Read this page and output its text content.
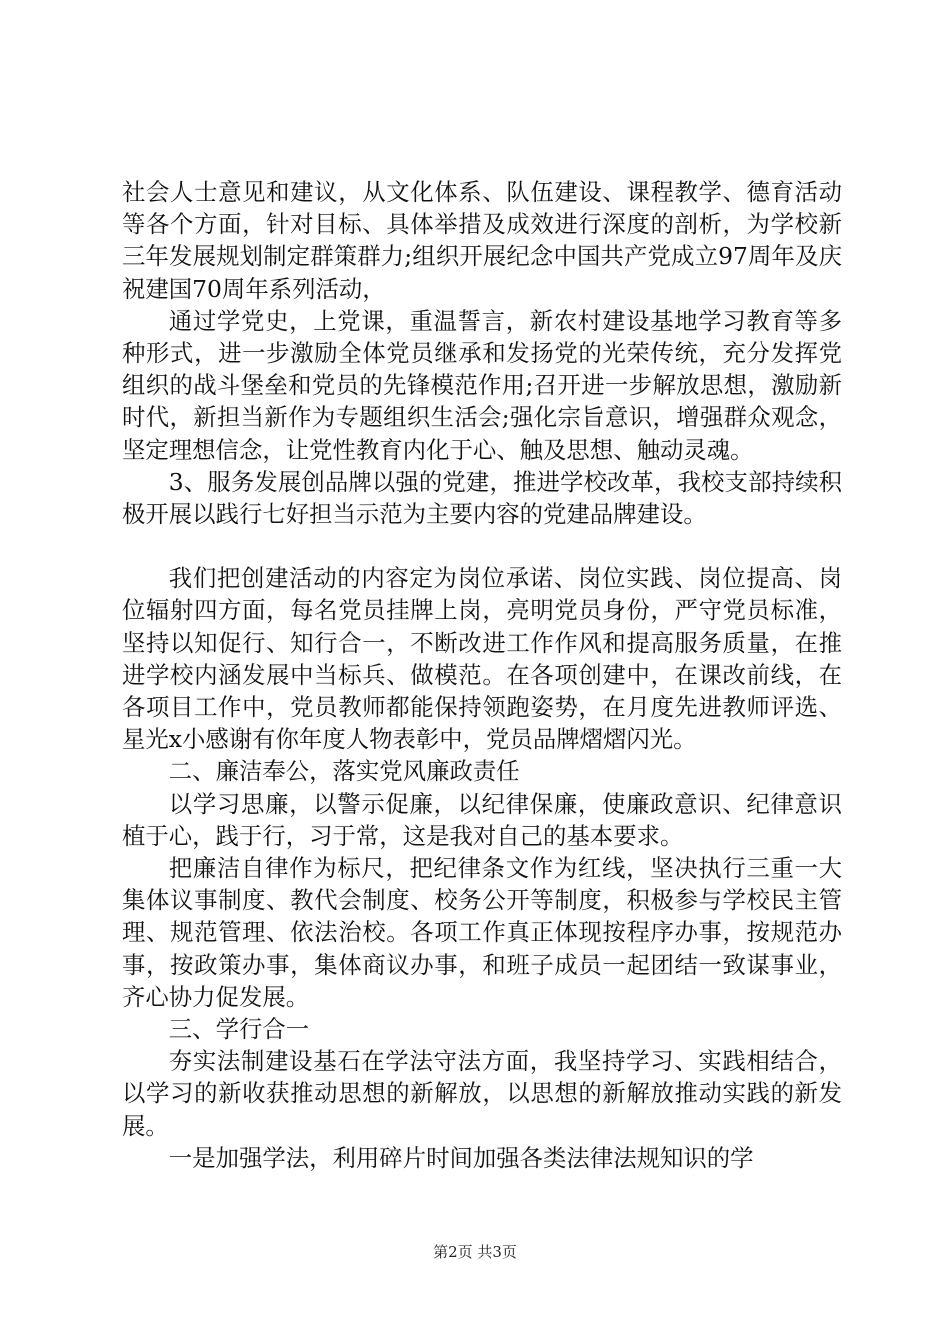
社会人士意见和建议，从文化体系、队伍建设、课程教学、德育活动等各个方面，针对目标、具体举措及成效进行深度的剖析，为学校新三年发展规划制定群策群力;组织开展纪念中国共产党成立97周年及庆祝建国70周年系列活动，

通过学党史，上党课，重温誓言，新农村建设基地学习教育等多种形式，进一步激励全体党员继承和发扬党的光荣传统，充分发挥党组织的战斗堡垒和党员的先锋模范作用;召开进一步解放思想，激励新时代，新担当新作为专题组织生活会;强化宗旨意识，增强群众观念，坚定理想信念，让党性教育内化于心、触及思想、触动灵魂。

3、服务发展创品牌以强的党建，推进学校改革，我校支部持续积极开展以践行七好担当示范为主要内容的党建品牌建设。

我们把创建活动的内容定为岗位承诺、岗位实践、岗位提高、岗位辐射四方面，每名党员挂牌上岗，亮明党员身份，严守党员标准，坚持以知促行、知行合一，不断改进工作作风和提高服务质量，在推进学校内涵发展中当标兵、做模范。在各项创建中，在课改前线，在各项目工作中，党员教师都能保持领跑姿势，在月度先进教师评选、星光x小感谢有你年度人物表彰中，党员品牌熠熠闪光。

二、廉洁奉公，落实党风廉政责任

以学习思廉，以警示促廉，以纪律保廉，使廉政意识、纪律意识植于心，践于行，习于常，这是我对自己的基本要求。

把廉洁自律作为标尺，把纪律条文作为红线，坚决执行三重一大集体议事制度、教代会制度、校务公开等制度，积极参与学校民主管理、规范管理、依法治校。各项工作真正体现按程序办事，按规范办事，按政策办事，集体商议办事，和班子成员一起团结一致谋事业，齐心协力促发展。

三、学行合一

夯实法制建设基石在学法守法方面，我坚持学习、实践相结合，以学习的新收获推动思想的新解放，以思想的新解放推动实践的新发展。

一是加强学法，利用碎片时间加强各类法律法规知识的学

第2页 共3页
